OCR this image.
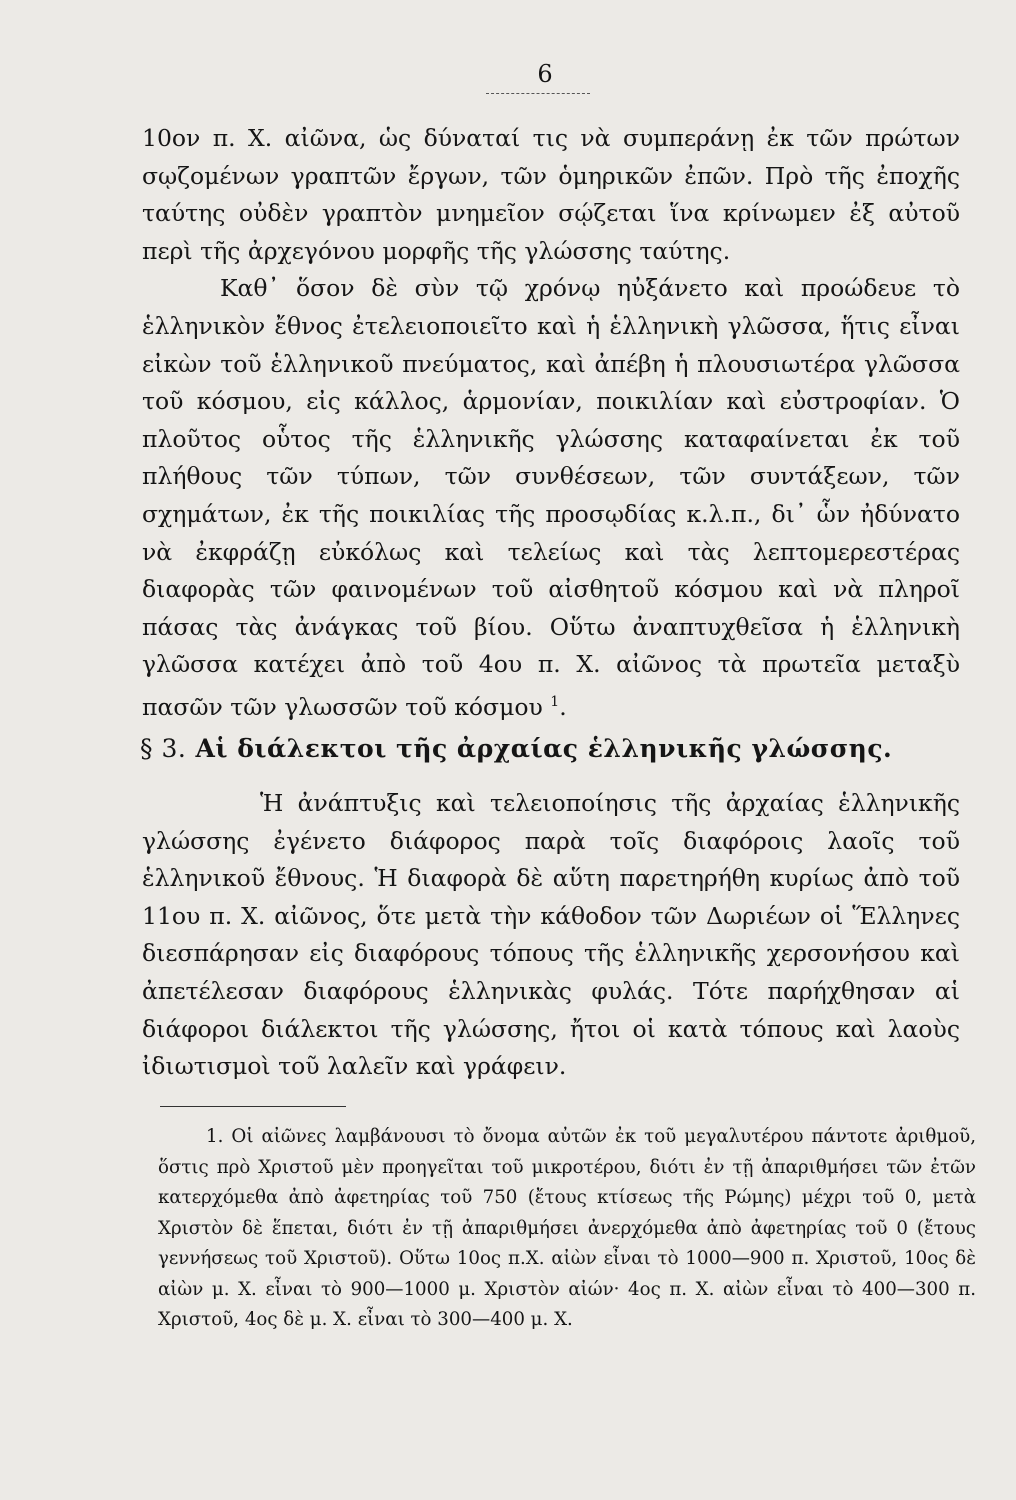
6

10ον π. Χ. αἰῶνα, ὡς δύναταί τις νὰ συμπεράνῃ ἐκ τῶν πρώτων σῳζομένων γραπτῶν ἔργων, τῶν ὁμηρικῶν ἐπῶν. Πρὸ τῆς ἐποχῆς ταύτης οὐδὲν γραπτὸν μνημεῖον σῴζεται ἵνα κρίνωμεν ἐξ αὐτοῦ περὶ τῆς ἀρχεγόνου μορφῆς τῆς γλώσσης ταύτης.

Καθ᾽ ὅσον δὲ σὺν τῷ χρόνῳ ηὐξάνετο καὶ προώδευε τὸ ἑλληνικὸν ἔθνος ἐτελειοποιεῖτο καὶ ἡ ἑλληνικὴ γλῶσσα, ἥτις εἶναι εἰκὼν τοῦ ἑλληνικοῦ πνεύματος, καὶ ἀπέβη ἡ πλουσιωτέρα γλῶσσα τοῦ κόσμου, εἰς κάλλος, ἁρμονίαν, ποικιλίαν καὶ εὐστροφίαν. Ὁ πλοῦτος οὗτος τῆς ἑλληνικῆς γλώσσης καταφαίνεται ἐκ τοῦ πλήθους τῶν τύπων, τῶν συνθέσεων, τῶν συντάξεων, τῶν σχημάτων, ἐκ τῆς ποικιλίας τῆς προσῳδίας κ.λ.π., δι᾽ ὧν ἠδύνατο νὰ ἐκφράζῃ εὐκόλως καὶ τελείως καὶ τὰς λεπτομερεστέρας διαφορὰς τῶν φαινομένων τοῦ αἰσθητοῦ κόσμου καὶ νὰ πληροῖ πάσας τὰς ἀνάγκας τοῦ βίου. Οὕτω ἀναπτυχθεῖσα ἡ ἑλληνικὴ γλῶσσα κατέχει ἀπὸ τοῦ 4ου π. Χ. αἰῶνος τὰ πρωτεῖα μεταξὺ πασῶν τῶν γλωσσῶν τοῦ κόσμου $^1$.

§ 3. Αἱ διάλεκτοι τῆς ἀρχαίας ἑλληνικῆς γλώσσης.
Ἡ ἀνάπτυξις καὶ τελειοποίησις τῆς ἀρχαίας ἑλληνικῆς γλώσσης ἐγένετο διάφορος παρὰ τοῖς διαφόροις λαοῖς τοῦ ἑλληνικοῦ ἔθνους. Ἡ διαφορὰ δὲ αὕτη παρετηρήθη κυρίως ἀπὸ τοῦ 11ου π. Χ. αἰῶνος, ὅτε μετὰ τὴν κάθοδον τῶν Δωριέων οἱ Ἕλληνες διεσπάρησαν εἰς διαφόρους τόπους τῆς ἑλληνικῆς χερσονήσου καὶ ἀπετέλεσαν διαφόρους ἑλληνικὰς φυλάς. Τότε παρήχθησαν αἱ διάφοροι διάλεκτοι τῆς γλώσσης, ἤτοι οἱ κατὰ τόπους καὶ λαοὺς ἰδιωτισμοὶ τοῦ λαλεῖν καὶ γράφειν.
1. Οἱ αἰῶνες λαμβάνουσι τὸ ὄνομα αὐτῶν ἐκ τοῦ μεγαλυτέρου πάντοτε ἀριθμοῦ, ὅστις πρὸ Χριστοῦ μὲν προηγεῖται τοῦ μικροτέρου, διότι ἐν τῇ ἀπαριθμήσει τῶν ἐτῶν κατερχόμεθα ἀπὸ ἀφετηρίας τοῦ 750 (ἔτους κτίσεως τῆς Ρώμης) μέχρι τοῦ 0, μετὰ Χριστὸν δὲ ἕπεται, διότι ἐν τῇ ἀπαριθμήσει ἀνερχόμεθα ἀπὸ ἀφετηρίας τοῦ 0 (ἔτους γεννήσεως τοῦ Χριστοῦ). Οὕτω 10ος π.Χ. αἰὼν εἶναι τὸ 1000—900 π. Χριστοῦ, 10ος δὲ αἰὼν μ. Χ. εἶναι τὸ 900—1000 μ. Χριστὸν αἰών· 4ος π. Χ. αἰὼν εἶναι τὸ 400—300 π. Χριστοῦ, 4ος δὲ μ. Χ. εἶναι τὸ 300—400 μ. Χ.
